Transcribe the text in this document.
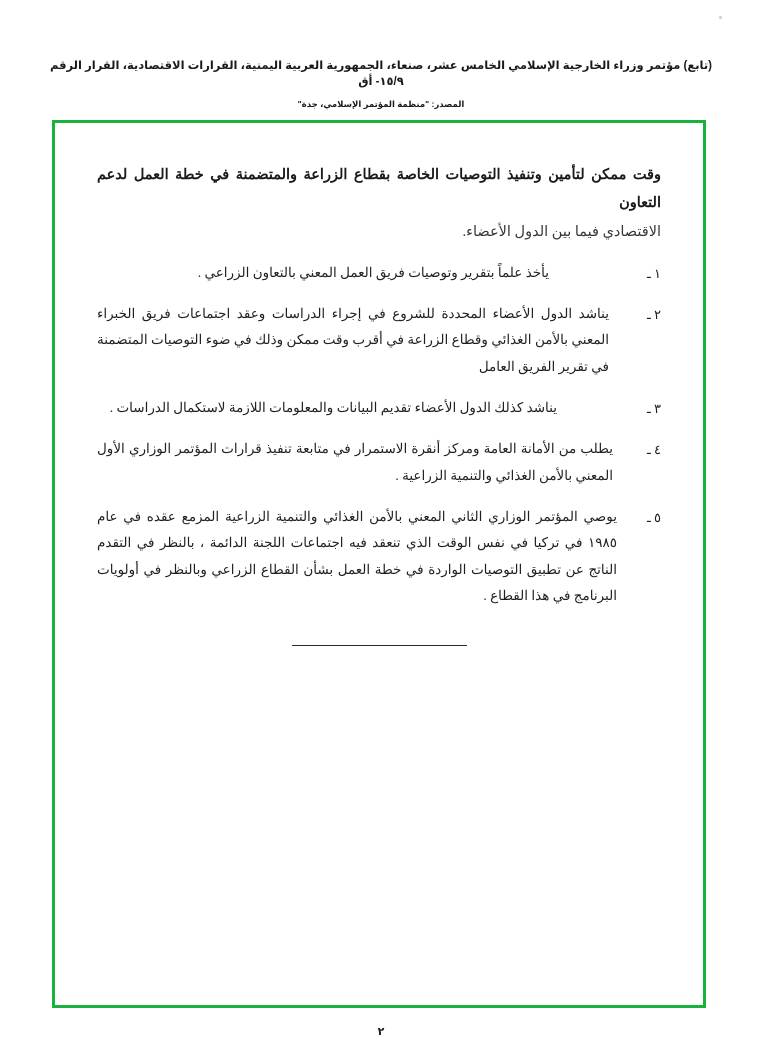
(تابع) مؤتمر وزراء الخارجية الإسلامي الخامس عشر، صنعاء، الجمهورية العربية اليمنية، القرارات الاقتصادية، القرار الرقم ١٥/٩- أق
المصدر: "منظمة المؤتمر الإسلامي، جدة"
وقت ممكن لتأمين وتنفيذ التوصيات الخاصة بقطاع الزراعة والمتضمنة في خطة العمل لدعم التعاون
الاقتصادي فيما بين الدول الأعضاء.
١ ـ
يأخذ علماً بتقرير وتوصيات فريق العمل المعني بالتعاون الزراعي .
٢ ـ
يناشد الدول الأعضاء المحددة للشروع في إجراء الدراسات وعقد اجتماعات فريق الخبراء المعني بالأمن الغذائي وقطاع الزراعة في أقرب وقت ممكن وذلك في ضوء التوصيات المتضمنة في تقرير الفريق العامل
٣ ـ
يناشد كذلك الدول الأعضاء تقديم البيانات والمعلومات اللازمة لاستكمال الدراسات .
٤ ـ
يطلب من الأمانة العامة ومركز أنقرة الاستمرار في متابعة تنفيذ قرارات المؤتمر الوزاري الأول المعني بالأمن الغذائي والتنمية الزراعية .
٥ ـ
يوصي المؤتمر الوزاري الثاني المعني بالأمن الغذائي والتنمية الزراعية المزمع عقده في عام ١٩٨٥ في تركيا في نفس الوقت الذي تنعقد فيه اجتماعات اللجنة الدائمة ، بالنظر في التقدم الناتج عن تطبيق التوصيات الواردة في خطة العمل بشأن القطاع الزراعي وبالنظر في أولويات البرنامج في هذا القطاع .
٢
